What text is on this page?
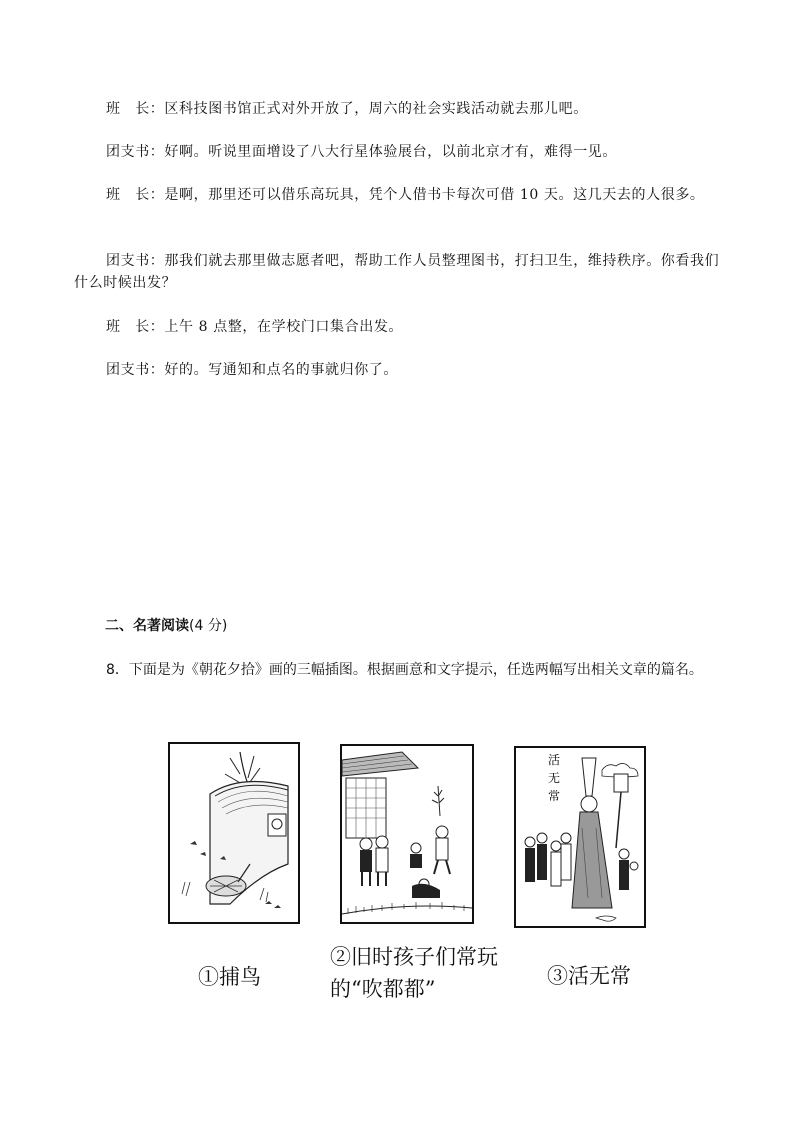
班　长：区科技图书馆正式对外开放了，周六的社会实践活动就去那儿吧。
团支书：好啊。听说里面增设了八大行星体验展台，以前北京才有，难得一见。
班　长：是啊，那里还可以借乐高玩具，凭个人借书卡每次可借 10 天。这几天去的人很多。
团支书：那我们就去那里做志愿者吧，帮助工作人员整理图书，打扫卫生，维持秩序。你看我们什么时候出发？
班　长：上午 8 点整，在学校门口集合出发。
团支书：好的。写通知和点名的事就归你了。
二、名著阅读(4 分)
8．下面是为《朝花夕拾》画的三幅插图。根据画意和文字提示，任选两幅写出相关文章的篇名。
活
无
常
①捕鸟
②旧时孩子们常玩的“吹都都”
③活无常
